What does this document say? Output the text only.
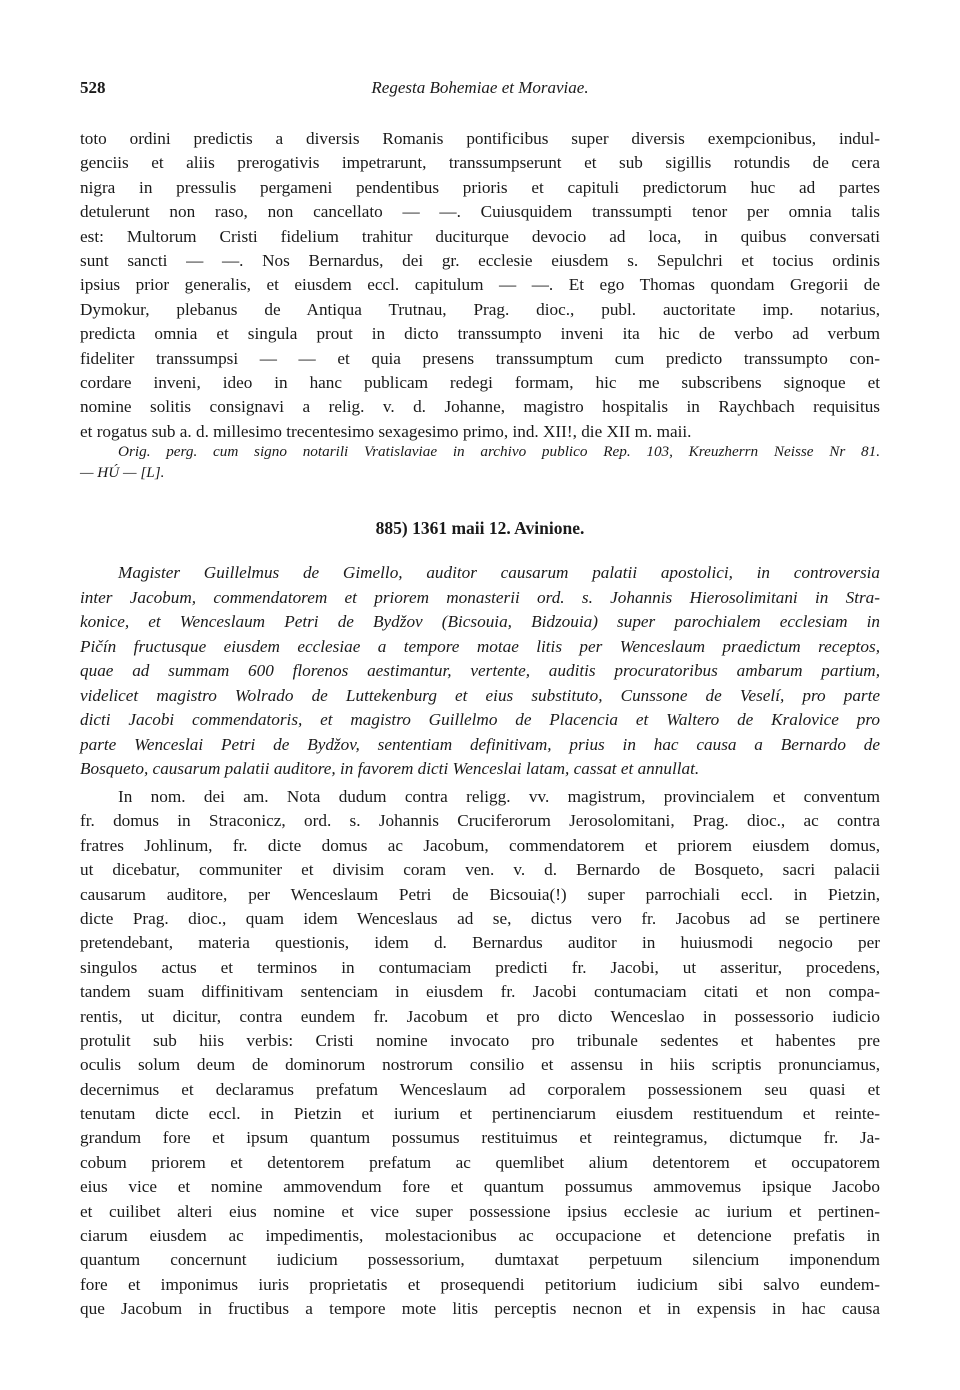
528	Regesta Bohemiae et Moraviae.
toto ordini predictis a diversis Romanis pontificibus super diversis exempcionibus, indul-
genciis et aliis prerogativis impetrarunt, transsumpserunt et sub sigillis rotundis de cera
nigra in pressulis pergameni pendentibus prioris et capituli predictorum huc ad partes
detulerunt non raso, non cancellato — —. Cuiusquidem transsumpti tenor per omnia talis
est: Multorum Cristi fidelium trahitur duciturque devocio ad loca, in quibus conversati
sunt sancti — —. Nos Bernardus, dei gr. ecclesie eiusdem s. Sepulchri et tocius ordinis
ipsius prior generalis, et eiusdem eccl. capitulum — —. Et ego Thomas quondam Gregorii de
Dymokur, plebanus de Antiqua Trutnau, Prag. dioc., publ. auctoritate imp. notarius,
predicta omnia et singula prout in dicto transsumpto inveni ita hic de verbo ad verbum
fideliter transsumpsi — — et quia presens transsumptum cum predicto transsumpto con-
cordare inveni, ideo in hanc publicam redegi formam, hic me subscribens signoque et
nomine solitis consignavi a relig. v. d. Johanne, magistro hospitalis in Raychbach requisitus
et rogatus sub a. d. millesimo trecentesimo sexagesimo primo, ind. XII!, die XII m. maii.
Orig. perg. cum signo notarili Vratislaviae in archivo publico Rep. 103, Kreuzherrn Neisse Nr 81.
— HÚ — [L].
885) 1361 maii 12. Avinione.
Magister Guillelmus de Gimello, auditor causarum palatii apostolici, in controversia
inter Jacobum, commendatorem et priorem monasterii ord. s. Johannis Hierosolimitani in Stra-
konice, et Wenceslaum Petri de Bydžov (Bicsouia, Bidzouia) super parochialem ecclesiam in
Pičín fructusque eiusdem ecclesiae a tempore motae litis per Wenceslaum praedictum receptos,
quae ad summam 600 florenos aestimantur, vertente, auditis procuratoribus ambarum partium,
videlicet magistro Wolrado de Luttekenburg et eius substituto, Cunssone de Veselí, pro parte
dicti Jacobi commendatoris, et magistro Guillelmo de Placencia et Waltero de Kralovice pro
parte Wenceslai Petri de Bydžov, sententiam definitivam, prius in hac causa a Bernardo de
Bosqueto, causarum palatii auditore, in favorem dicti Wenceslai latam, cassat et annullat.
In nom. dei am. Nota dudum contra religg. vv. magistrum, provincialem et conventum
fr. domus in Straconicz, ord. s. Johannis Cruciferorum Jerosolomitani, Prag. dioc., ac contra
fratres Johlinum, fr. dicte domus ac Jacobum, commendatorem et priorem eiusdem domus,
ut dicebatur, communiter et divisim coram ven. v. d. Bernardo de Bosqueto, sacri palacii
causarum auditore, per Wenceslaum Petri de Bicsouia(!) super parrochiali eccl. in Pietzin,
dicte Prag. dioc., quam idem Wenceslaus ad se, dictus vero fr. Jacobus ad se pertinere
pretendebant, materia questionis, idem d. Bernardus auditor in huiusmodi negocio per
singulos actus et terminos in contumaciam predicti fr. Jacobi, ut asseritur, procedens,
tandem suam diffinitivam sentenciam in eiusdem fr. Jacobi contumaciam citati et non compa-
rentis, ut dicitur, contra eundem fr. Jacobum et pro dicto Wenceslao in possessorio iudicio
protulit sub hiis verbis: Cristi nomine invocato pro tribunale sedentes et habentes pre
oculis solum deum de dominorum nostrorum consilio et assensu in hiis scriptis pronunciamus,
decernimus et declaramus prefatum Wenceslaum ad corporalem possessionem seu quasi et
tenutam dicte eccl. in Pietzin et iurium et pertinenciarum eiusdem restituendum et reinte-
grandum fore et ipsum quantum possumus restituimus et reintegramus, dictumque fr. Ja-
cobum priorem et detentorem prefatum ac quemlibet alium detentorem et occupatorem
eius vice et nomine ammovendum fore et quantum possumus ammovemus ipsique Jacobo
et cuilibet alteri eius nomine et vice super possessione ipsius ecclesie ac iurium et pertinen-
ciarum eiusdem ac impedimentis, molestacionibus ac occupacione et detencione prefatis in
quantum concernunt iudicium possessorium, dumtaxat perpetuum silencium imponendum
fore et imponimus iuris proprietatis et prosequendi petitorium iudicium sibi salvo eundem-
que Jacobum in fructibus a tempore mote litis perceptis necnon et in expensis in hac causa
